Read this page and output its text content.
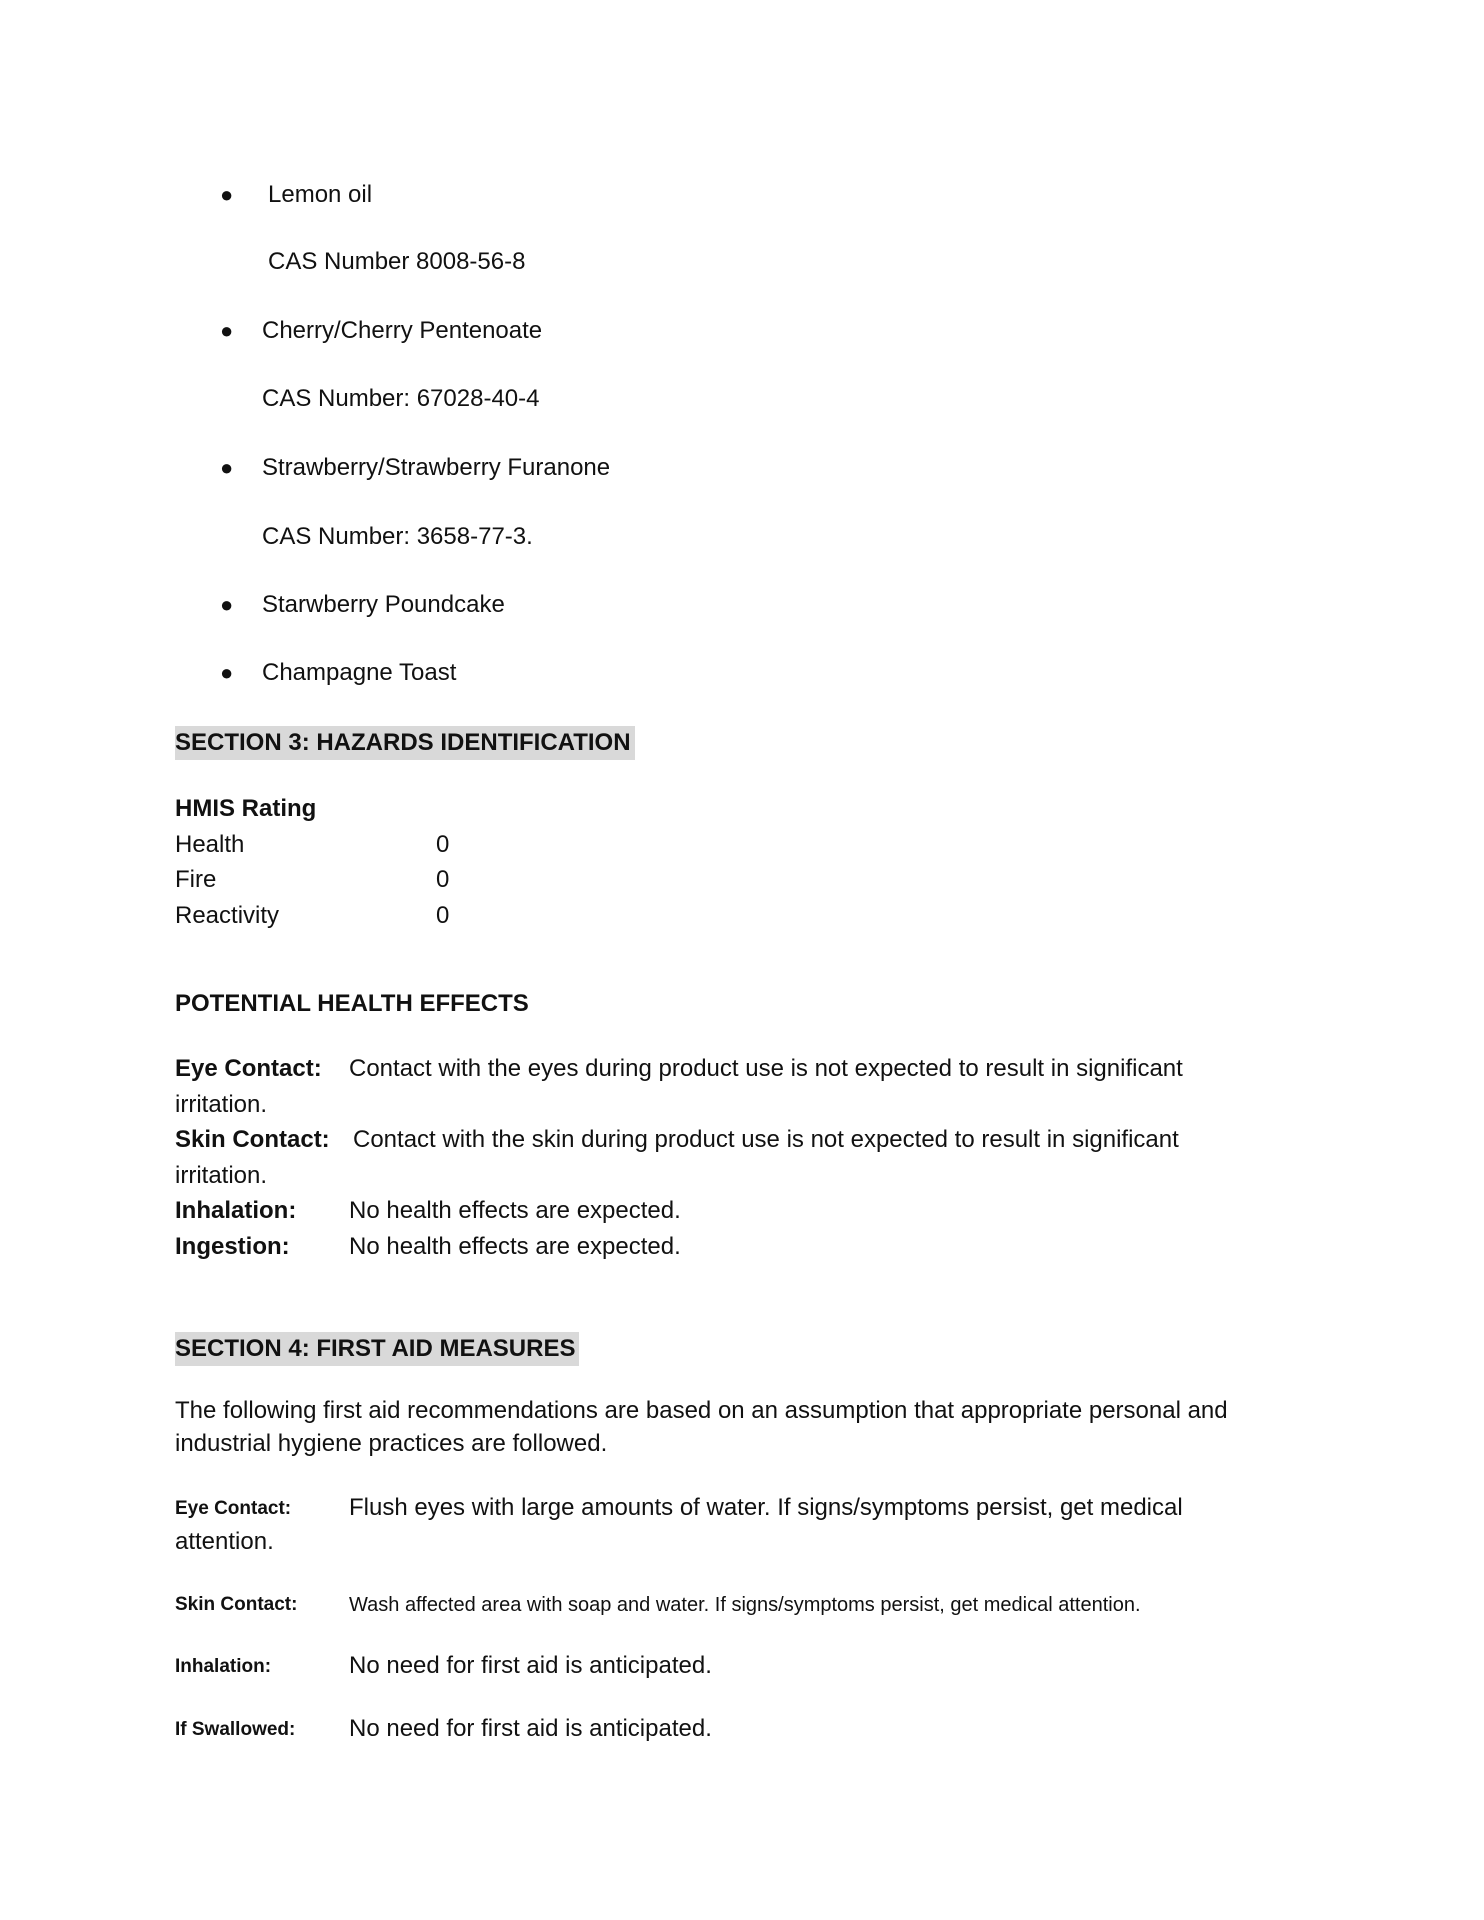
● Lemon oil
CAS Number 8008-56-8
● Cherry/Cherry Pentenoate
CAS Number: 67028-40-4
● Strawberry/Strawberry Furanone
CAS Number: 3658-77-3.
● Starwberry Poundcake
● Champagne Toast
SECTION 3: HAZARDS IDENTIFICATION
HMIS Rating
Health	0
Fire	0
Reactivity	0
POTENTIAL HEALTH EFFECTS
Eye Contact: Contact with the eyes during product use is not expected to result in significant
irritation.
Skin Contact: Contact with the skin during product use is not expected to result in significant
irritation.
Inhalation: No health effects are expected.
Ingestion: No health effects are expected.
SECTION 4: FIRST AID MEASURES
The following first aid recommendations are based on an assumption that appropriate personal and
industrial hygiene practices are followed.
Eye Contact: Flush eyes with large amounts of water. If signs/symptoms persist, get medical
attention.
Skin Contact:	Wash affected area with soap and water. If signs/symptoms persist, get medical attention.
Inhalation:	No need for first aid is anticipated.
If Swallowed: No need for first aid is anticipated.
